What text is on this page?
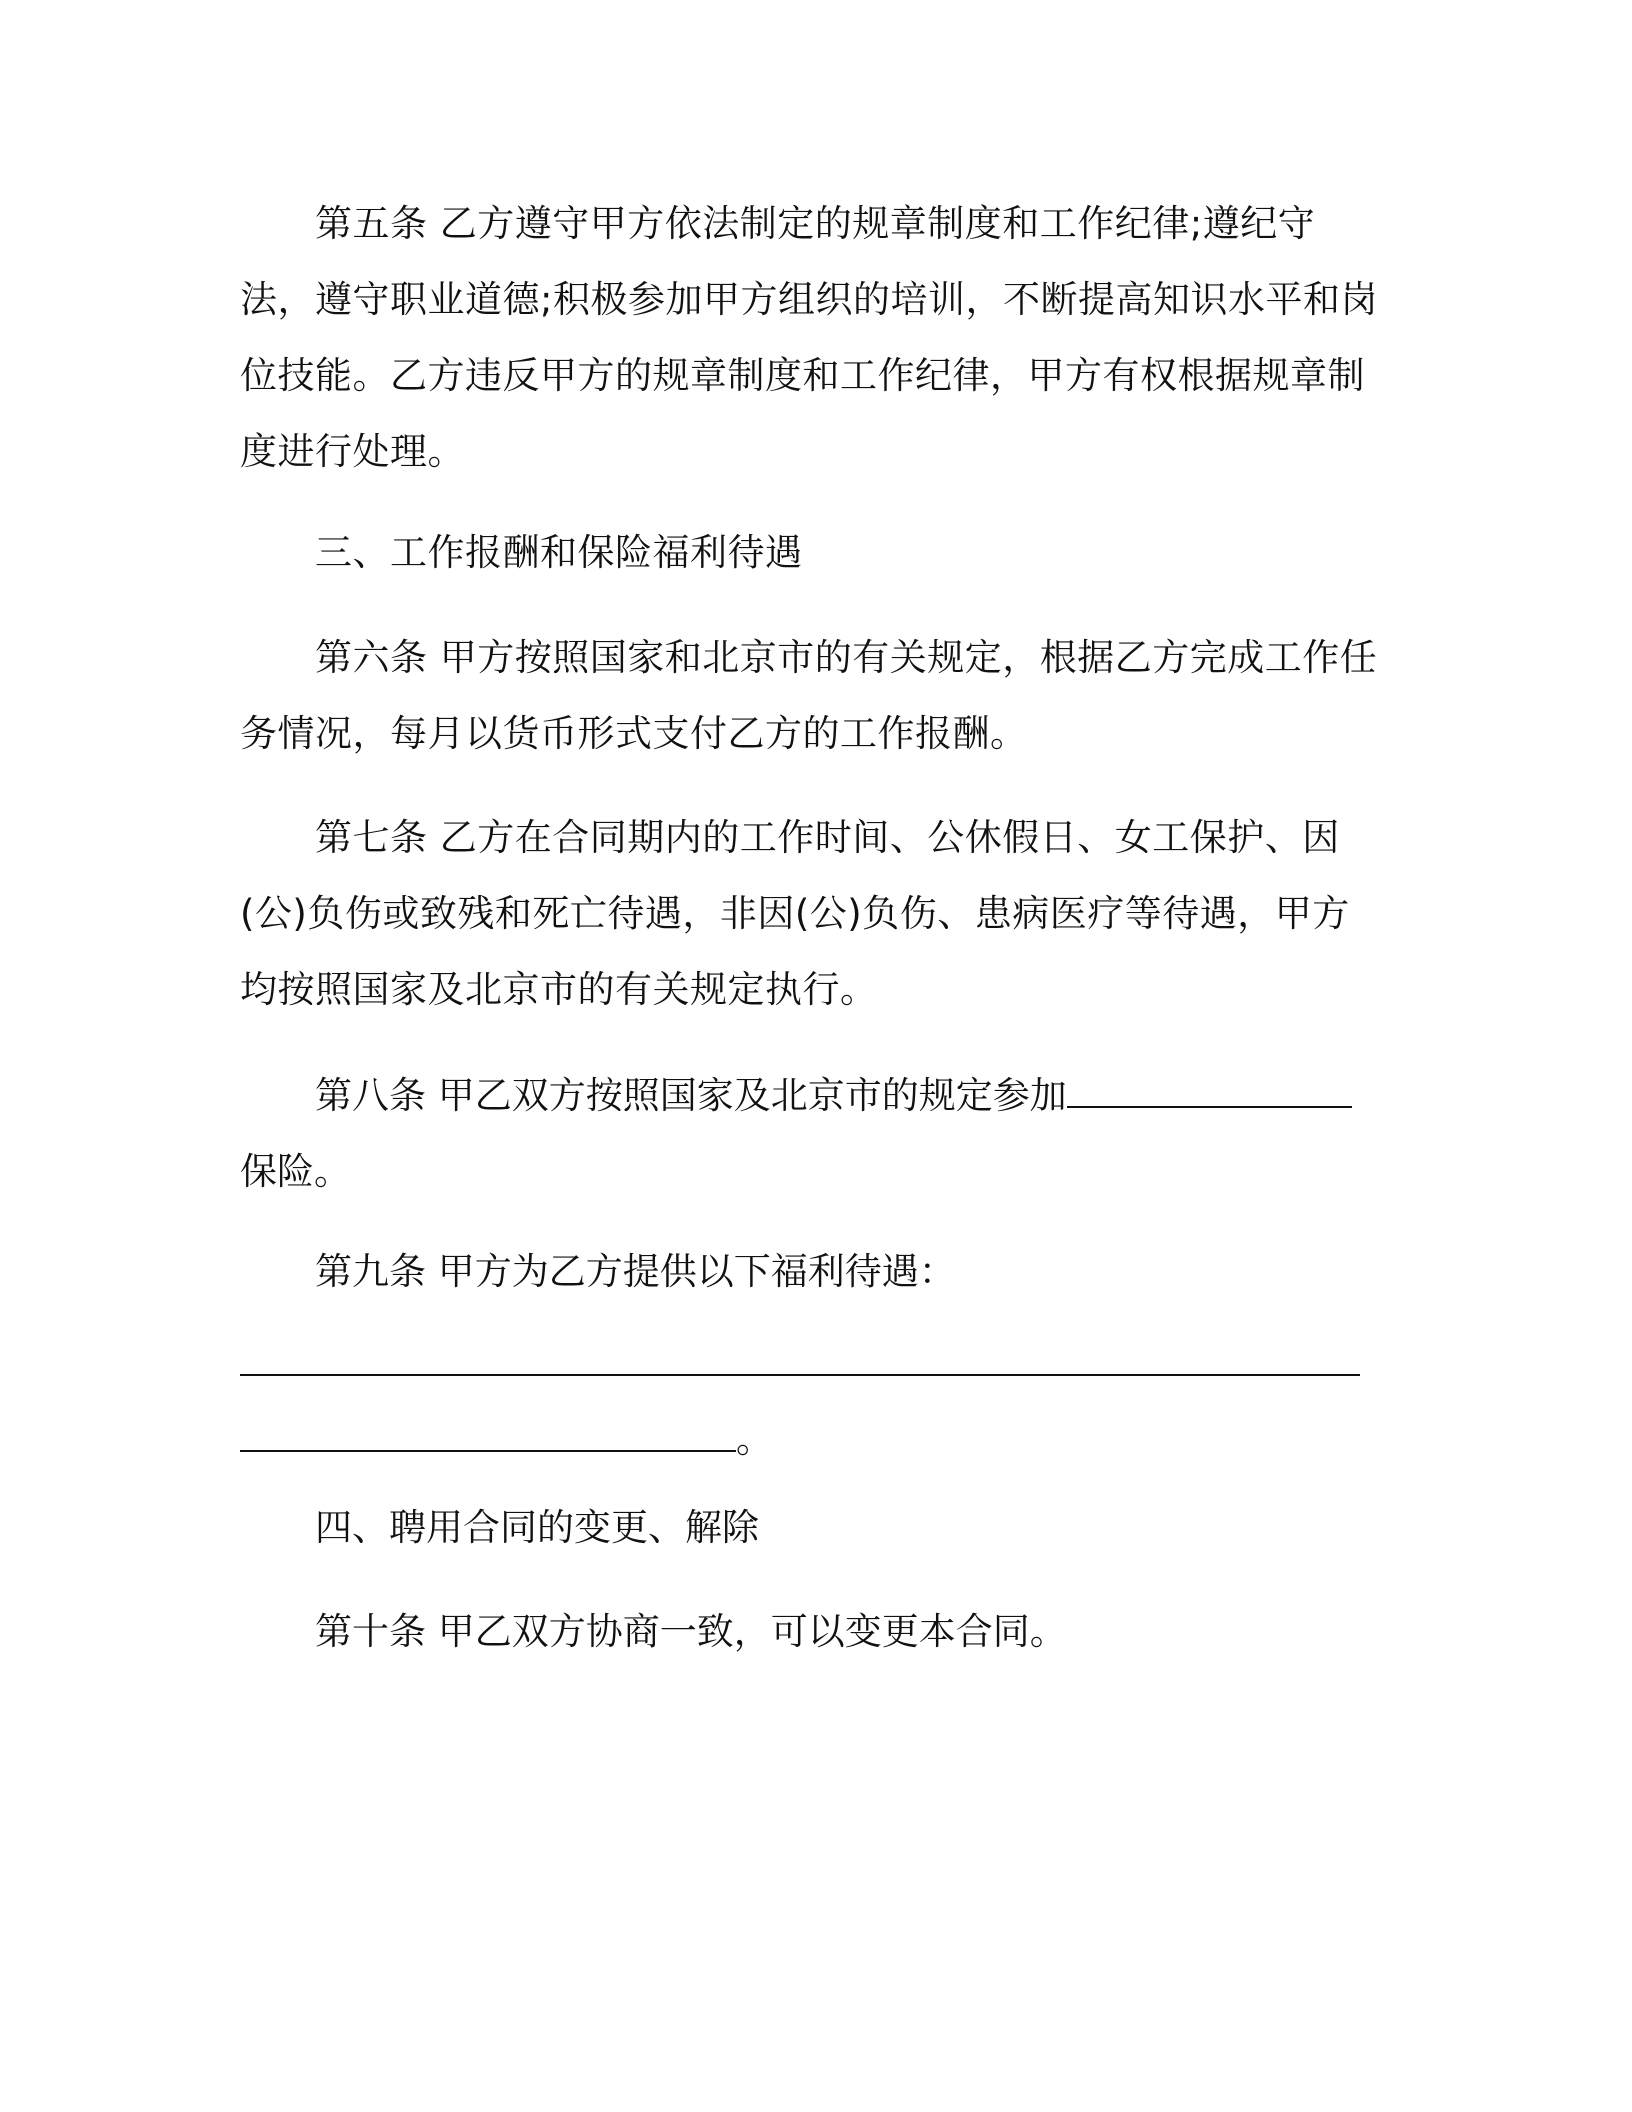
第五条 乙方遵守甲方依法制定的规章制度和工作纪律;遵纪守法，遵守职业道德;积极参加甲方组织的培训，不断提高知识水平和岗位技能。乙方违反甲方的规章制度和工作纪律，甲方有权根据规章制度进行处理。

三、工作报酬和保险福利待遇

第六条 甲方按照国家和北京市的有关规定，根据乙方完成工作任务情况，每月以货币形式支付乙方的工作报酬。

第七条 乙方在合同期内的工作时间、公休假日、女工保护、因(公)负伤或致残和死亡待遇，非因(公)负伤、患病医疗等待遇，甲方均按照国家及北京市的有关规定执行。

第八条 甲乙双方按照国家及北京市的规定参加

保险。

第九条 甲方为乙方提供以下福利待遇：

。

四、聘用合同的变更、解除

第十条 甲乙双方协商一致，可以变更本合同。
